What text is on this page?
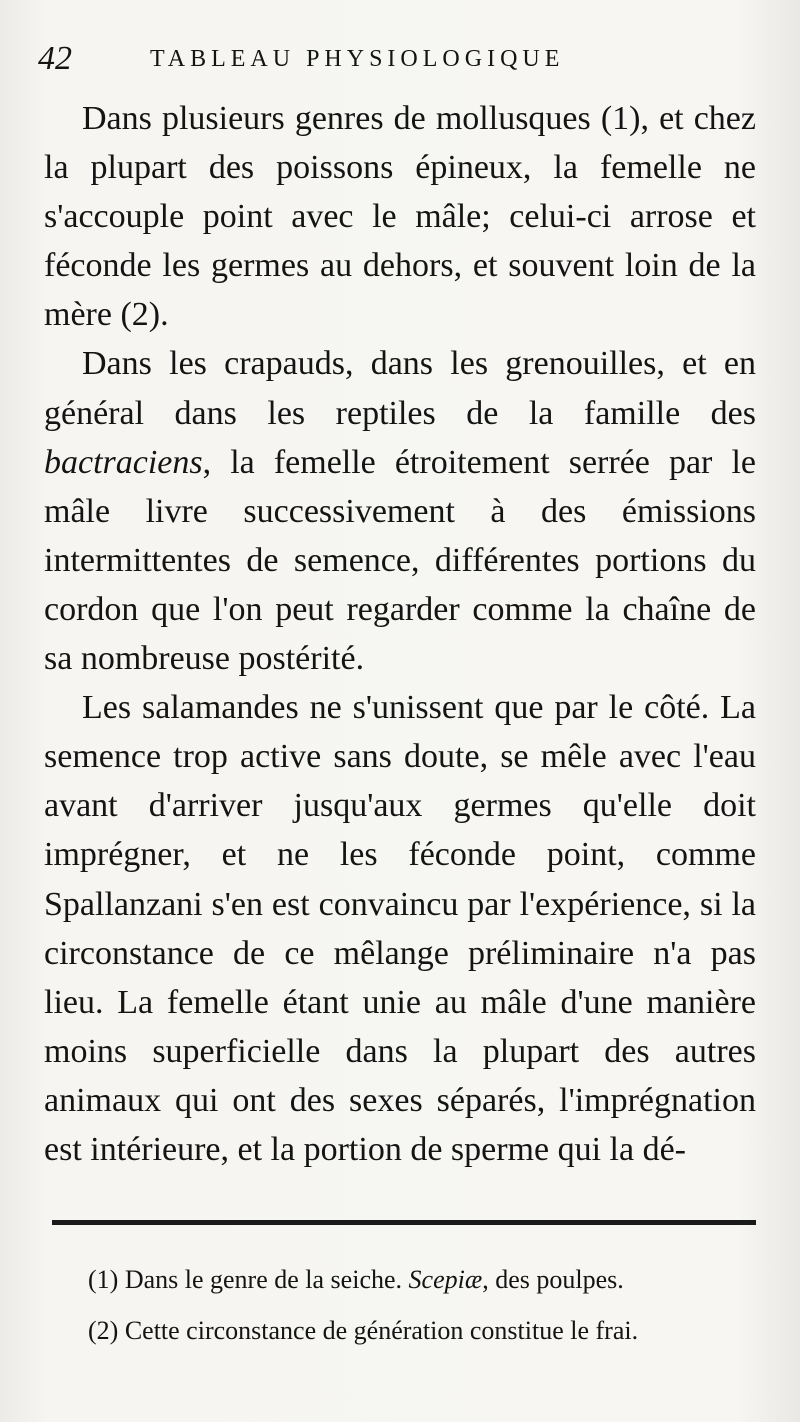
42	TABLEAU PHYSIOLOGIQUE

Dans plusieurs genres de mollusques (1), et chez la plupart des poissons épineux, la femelle ne s'accouple point avec le mâle; celui-ci arrose et féconde les germes au dehors, et souvent loin de la mère (2).

Dans les crapauds, dans les grenouilles, et en général dans les reptiles de la famille des bactraciens, la femelle étroitement serrée par le mâle livre successivement à des émissions intermittentes de semence, différentes portions du cordon que l'on peut regarder comme la chaîne de sa nombreuse postérité.

Les salamandes ne s'unissent que par le côté. La semence trop active sans doute, se mêle avec l'eau avant d'arriver jusqu'aux germes qu'elle doit imprégner, et ne les féconde point, comme Spallanzani s'en est convaincu par l'expérience, si la circonstance de ce mêlange préliminaire n'a pas lieu. La femelle étant unie au mâle d'une manière moins superficielle dans la plupart des autres animaux qui ont des sexes séparés, l'imprégnation est intérieure, et la portion de sperme qui la dé-

(1) Dans le genre de la seiche. Scepiæ, des poulpes.

(2) Cette circonstance de génération constitue le frai.
